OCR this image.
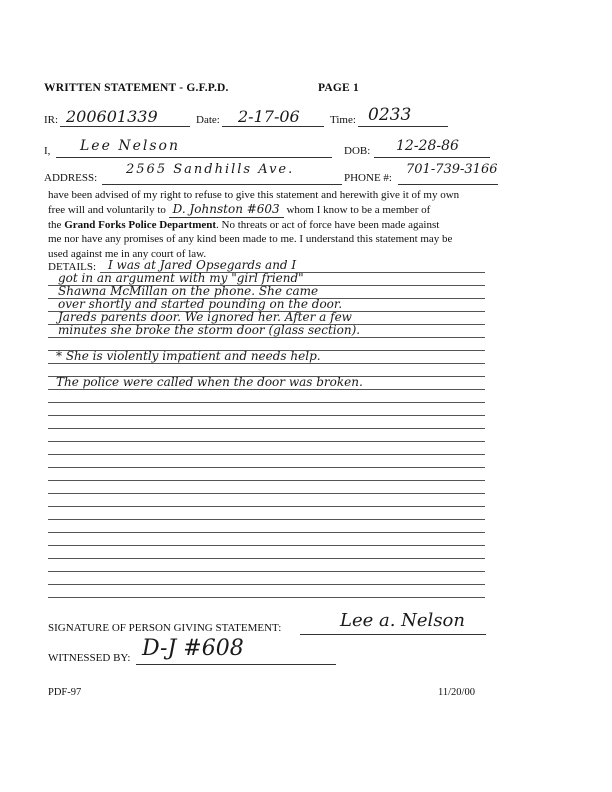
WRITTEN STATEMENT - G.F.P.D.	PAGE 1
IR: 200601339	Date: 2-17-06	Time: 0233
I, Lee Nelson	DOB: 12-28-86
ADDRESS:
2565 Sandhills Ave.
PHONE #:
701-739-3166
have been advised of my right to refuse to give this statement and herewith give it of my own
free will and voluntarily to D. Johnston #603 whom I know to be a member of
the Grand Forks Police Department. No threats or act of force have been made against
me nor have any promises of any kind been made to me. I understand this statement may be
used against me in any court of law.
DETAILS: I was at Jared Opsegards and I
got in an argument with my "girl friend"
Shawna McMillan on the phone. She came
over shortly and started pounding on the door.
Jareds parents door. We ignored her. After a few
minutes she broke the storm door (glass section).
* She is violently impatient and needs help.
The police were called when the door was broken.
SIGNATURE OF PERSON GIVING STATEMENT:	Lee a. Nelson
WITNESSED BY: D-J #608
PDF-97	11/20/00
